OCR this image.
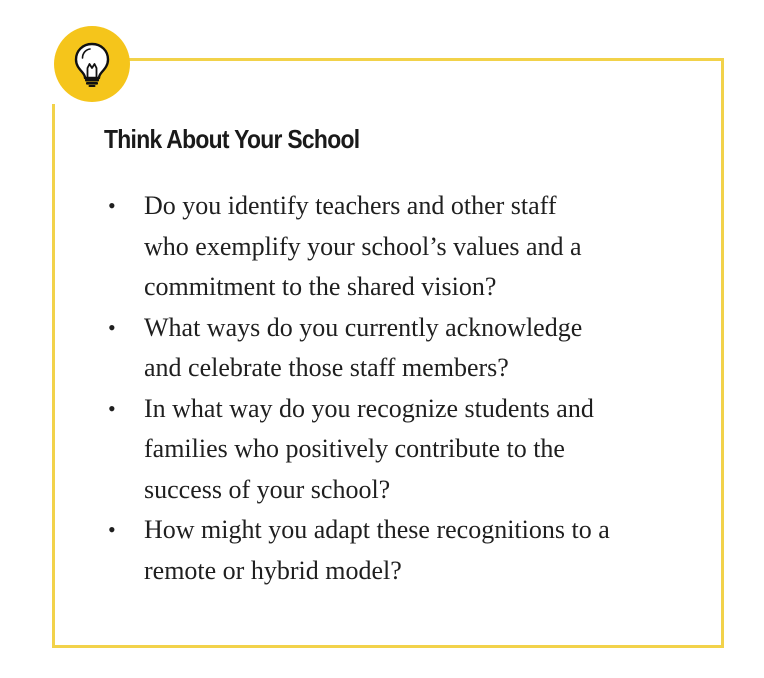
Think About Your School
• Do you identify teachers and other staff
who exemplify your school’s values and a
commitment to the shared vision?
• What ways do you currently acknowledge
and celebrate those staff members?
• In what way do you recognize students and
families who positively contribute to the
success of your school?
• How might you adapt these recognitions to a
remote or hybrid model?
